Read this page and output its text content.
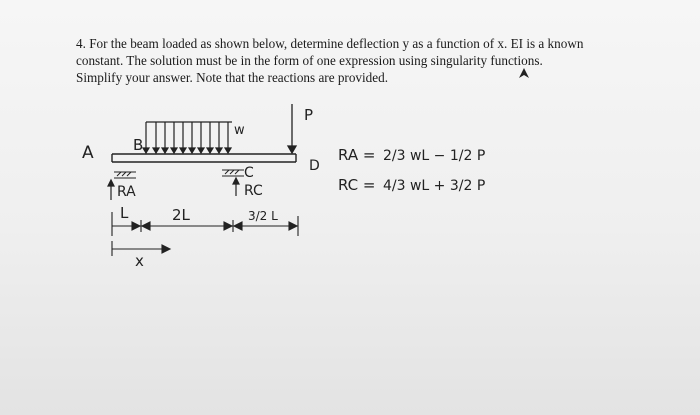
4. For the beam loaded as shown below, determine deflection y as a function of x. EI is a known

constant. The solution must be in the form of one expression using singularity functions.

Simplify your answer. Note that the reactions are provided.

A	B
C	D
w
P
RA	RC
L	2L	3/2 L
x
RA = 2/3 wL − 1/2 P
RC = 4/3 wL + 3/2 P
